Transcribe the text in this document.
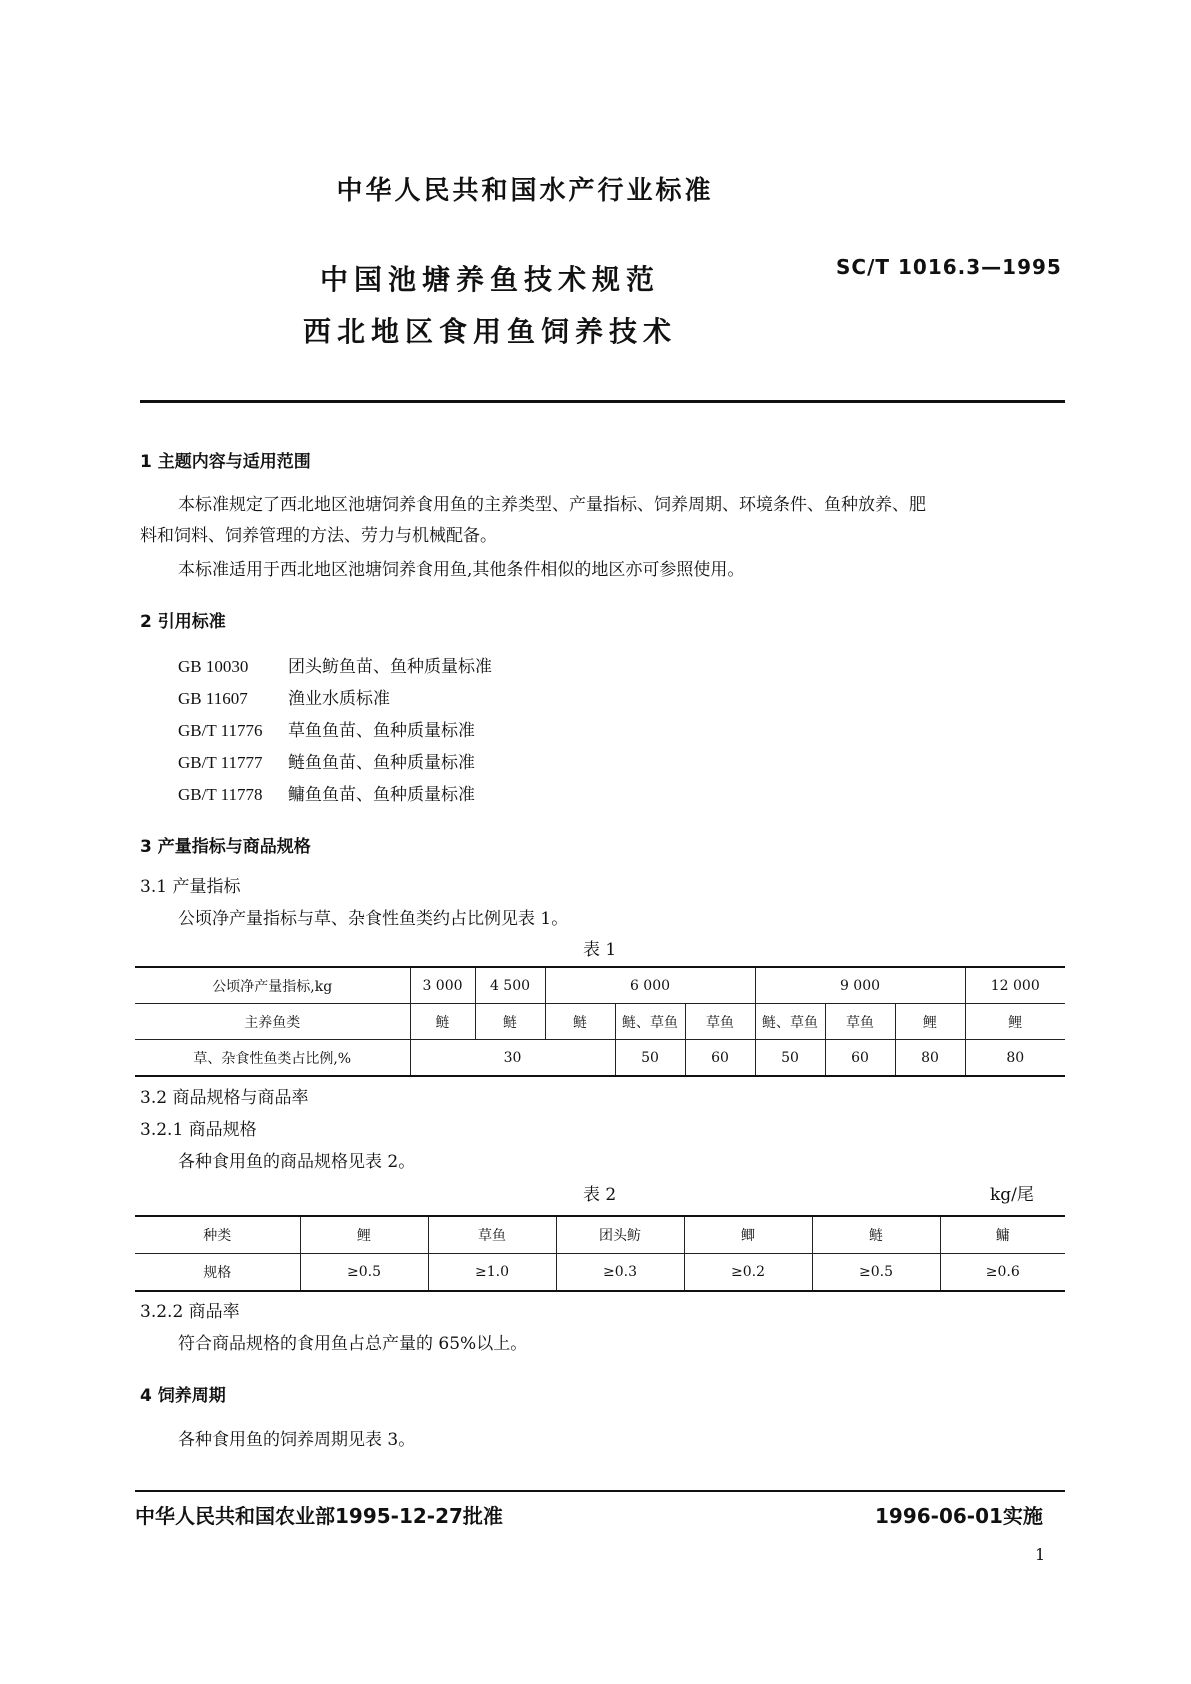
中华人民共和国水产行业标准
中国池塘养鱼技术规范
西北地区食用鱼饲养技术
SC/T 1016.3—1995
1 主题内容与适用范围
本标准规定了西北地区池塘饲养食用鱼的主养类型、产量指标、饲养周期、环境条件、鱼种放养、肥
料和饲料、饲养管理的方法、劳力与机械配备。
本标准适用于西北地区池塘饲养食用鱼,其他条件相似的地区亦可参照使用。
2 引用标准
GB 10030 团头鲂鱼苗、鱼种质量标准
GB 11607 渔业水质标准
GB/T 11776 草鱼鱼苗、鱼种质量标准
GB/T 11777 鲢鱼鱼苗、鱼种质量标准
GB/T 11778 鳙鱼鱼苗、鱼种质量标准
3 产量指标与商品规格
3.1 产量指标
公顷净产量指标与草、杂食性鱼类约占比例见表 1。
表 1
公顷净产量指标,kg	3 000	4 500	6 000			9 000			12 000
主养鱼类	鲢	鲢	鲢	鲢、草鱼	草鱼	鲢、草鱼	草鱼	鲤	鲤
草、杂食性鱼类占比例,%	30			50	60	50	60	80	80
3.2 商品规格与商品率
3.2.1 商品规格
各种食用鱼的商品规格见表 2。
表 2	kg/尾
种类	鲤	草鱼	团头鲂	鲫	鲢	鳙
规格	≥0.5	≥1.0	≥0.3	≥0.2	≥0.5	≥0.6
3.2.2 商品率
符合商品规格的食用鱼占总产量的 65%以上。
4 饲养周期
各种食用鱼的饲养周期见表 3。
中华人民共和国农业部1995-12-27批准	1996-06-01实施
1
